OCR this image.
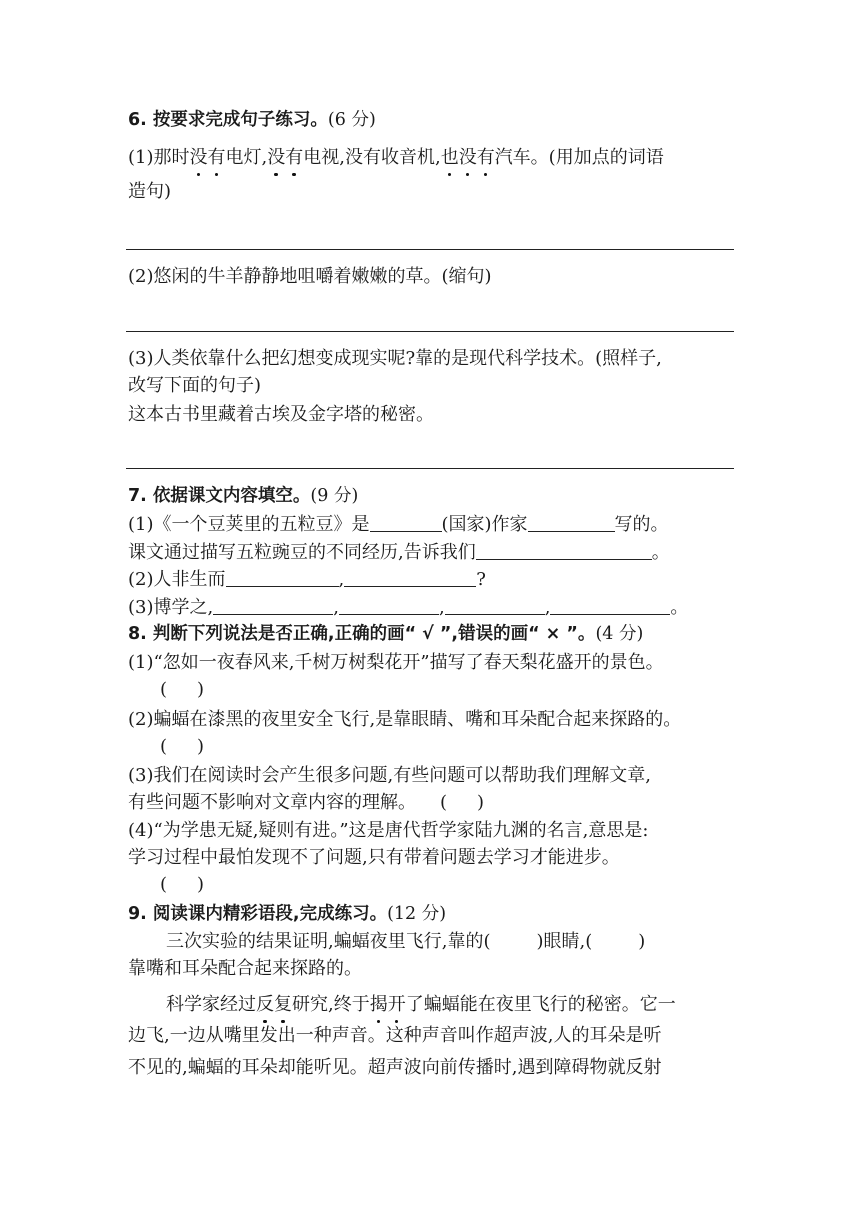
6. 按要求完成句子练习。(6 分)
(1)那时没有电灯,没有电视,没有收音机,也没有汽车。(用加点的词语
造句)
(2)悠闲的牛羊静静地咀嚼着嫩嫩的草。(缩句)
(3)人类依靠什么把幻想变成现实呢?靠的是现代科学技术。(照样子,
改写下面的句子)
这本古书里藏着古埃及金字塔的秘密。
7. 依据课文内容填空。(9 分)
(1)《一个豆荚里的五粒豆》是	(国家)作家	写的。
课文通过描写五粒豌豆的不同经历,告诉我们	。
(2)人非生而	,	?
(3)博学之,	,	,	,	。
8. 判断下列说法是否正确,正确的画“ √ ”,错误的画“ × ”。(4 分)
(1)“忽如一夜春风来,千树万树梨花开”描写了春天梨花盛开的景色。
( )
(2)蝙蝠在漆黑的夜里安全飞行,是靠眼睛、嘴和耳朵配合起来探路的。
( )
(3)我们在阅读时会产生很多问题,有些问题可以帮助我们理解文章,
有些问题不影响对文章内容的理解。 ( )
(4)“为学患无疑,疑则有进。”这是唐代哲学家陆九渊的名言,意思是:
学习过程中最怕发现不了问题,只有带着问题去学习才能进步。
( )
9. 阅读课内精彩语段,完成练习。(12 分)
三次实验的结果证明,蝙蝠夜里飞行,靠的(	)眼睛,(	)
靠嘴和耳朵配合起来探路的。
科学家经过反复研究,终于揭开了蝙蝠能在夜里飞行的秘密。它一
边飞,一边从嘴里发出一种声音。这种声音叫作超声波,人的耳朵是听
不见的,蝙蝠的耳朵却能听见。超声波向前传播时,遇到障碍物就反射
